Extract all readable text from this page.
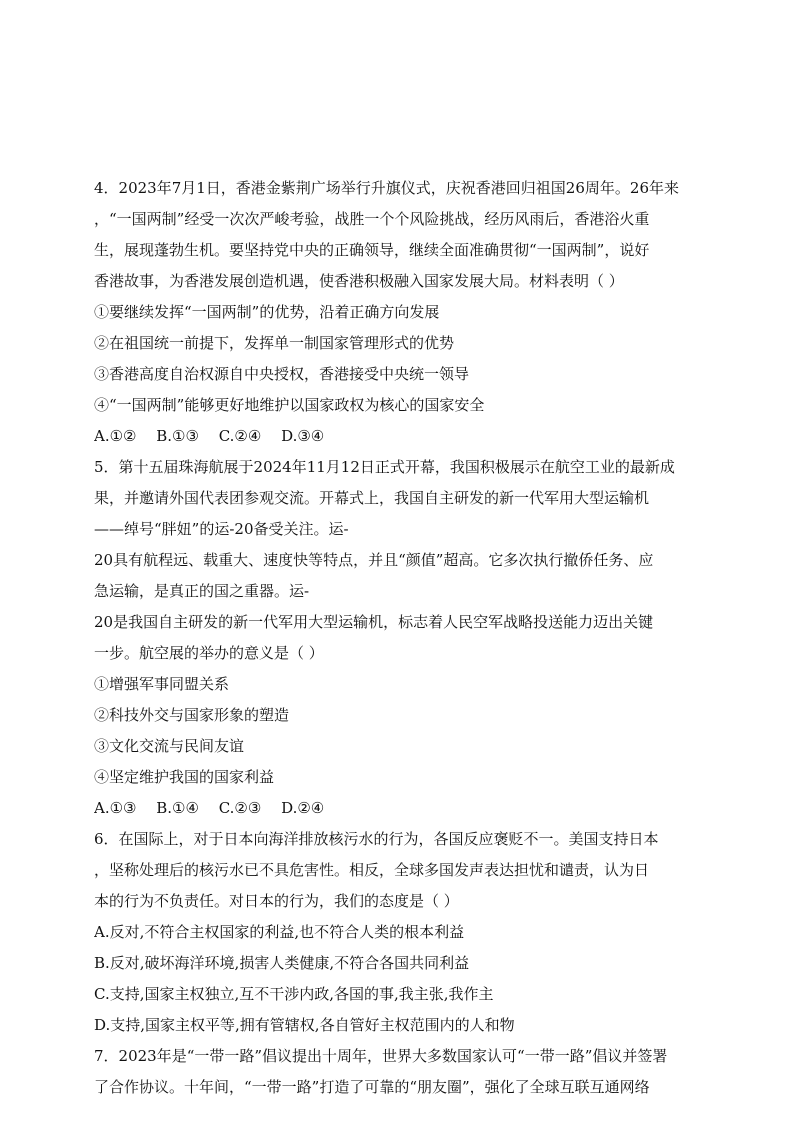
4．2023年7月1日，香港金紫荆广场举行升旗仪式，庆祝香港回归祖国26周年。26年来
，“一国两制”经受一次次严峻考验，战胜一个个风险挑战，经历风雨后，香港浴火重
生，展现蓬勃生机。要坚持党中央的正确领导，继续全面准确贯彻“一国两制”，说好
香港故事，为香港发展创造机遇，使香港积极融入国家发展大局。材料表明（ ）
①要继续发挥“一国两制”的优势，沿着正确方向发展
②在祖国统一前提下，发挥单一制国家管理形式的优势
③香港高度自治权源自中央授权，香港接受中央统一领导
④“一国两制”能够更好地维护以国家政权为核心的国家安全
A.①②　 B.①③　 C.②④　 D.③④
5．第十五届珠海航展于2024年11月12日正式开幕，我国积极展示在航空工业的最新成
果，并邀请外国代表团参观交流。开幕式上，我国自主研发的新一代军用大型运输机
——绰号“胖妞”的运-20备受关注。运-
20具有航程远、载重大、速度快等特点，并且“颜值”超高。它多次执行撤侨任务、应
急运输，是真正的国之重器。运-
20是我国自主研发的新一代军用大型运输机，标志着人民空军战略投送能力迈出关键
一步。航空展的举办的意义是（ ）
①增强军事同盟关系
②科技外交与国家形象的塑造
③文化交流与民间友谊
④坚定维护我国的国家利益
A.①③　 B.①④　 C.②③　 D.②④
6．在国际上，对于日本向海洋排放核污水的行为，各国反应褒贬不一。美国支持日本
，坚称处理后的核污水已不具危害性。相反，全球多国发声表达担忧和谴责，认为日
本的行为不负责任。对日本的行为，我们的态度是（ ）
A.反对,不符合主权国家的利益,也不符合人类的根本利益
B.反对,破坏海洋环境,损害人类健康,不符合各国共同利益
C.支持,国家主权独立,互不干涉内政,各国的事,我主张,我作主
D.支持,国家主权平等,拥有管辖权,各自管好主权范围内的人和物
7．2023年是“一带一路”倡议提出十周年，世界大多数国家认可“一带一路”倡议并签署
了合作协议。十年间，“一带一路”打造了可靠的“朋友圈”，强化了全球互联互通网络
